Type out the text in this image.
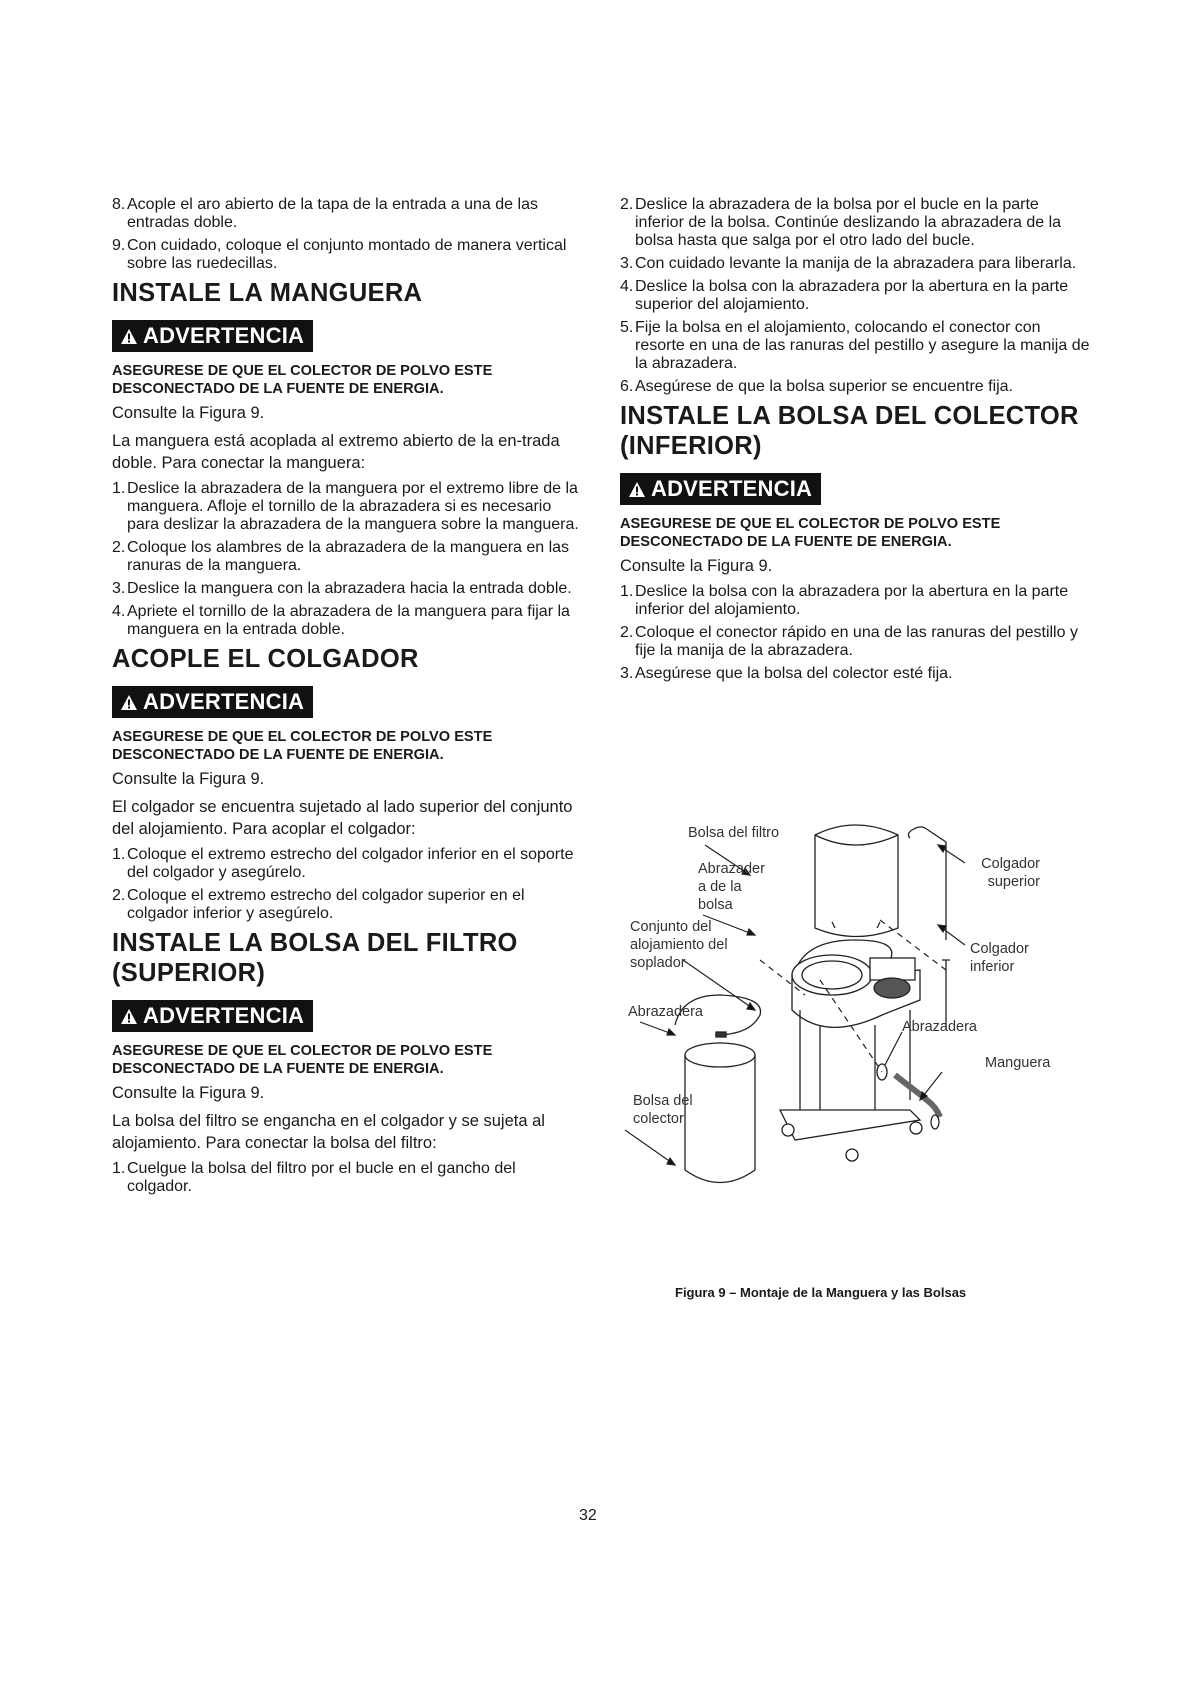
8. Acople el aro abierto de la tapa de la entrada a una de las entradas doble.
9. Con cuidado, coloque el conjunto montado de manera vertical sobre las ruedecillas.
INSTALE LA MANGUERA
ADVERTENCIA
ASEGURESE DE QUE EL COLECTOR DE POLVO ESTE DESCONECTADO DE LA FUENTE DE ENERGIA.

Consulte la Figura 9.

La manguera está acoplada al extremo abierto de la en-trada doble. Para conectar la manguera:

1. Deslice la abrazadera de la manguera por el extremo libre de la manguera. Afloje el tornillo de la abrazadera si es necesario para deslizar la abrazadera de la manguera sobre la manguera.
2. Coloque los alambres de la abrazadera de la manguera en las ranuras de la manguera.
3. Deslice la manguera con la abrazadera hacia la entrada doble.
4. Apriete el tornillo de la abrazadera de la manguera para fijar la manguera en la entrada doble.
ACOPLE EL COLGADOR
ADVERTENCIA
ASEGURESE DE QUE EL COLECTOR DE POLVO ESTE DESCONECTADO DE LA FUENTE DE ENERGIA.

Consulte la Figura 9.

El colgador se encuentra sujetado al lado superior del conjunto del alojamiento. Para acoplar el colgador:

1. Coloque el extremo estrecho del colgador inferior en el soporte del colgador y asegúrelo.
2. Coloque el extremo estrecho del colgador superior en el colgador inferior y asegúrelo.
INSTALE LA BOLSA DEL FILTRO (SUPERIOR)
ADVERTENCIA
ASEGURESE DE QUE EL COLECTOR DE POLVO ESTE DESCONECTADO DE LA FUENTE DE ENERGIA.

Consulte la Figura 9.

La bolsa del filtro se engancha en el colgador y se sujeta al alojamiento. Para conectar la bolsa del filtro:

1. Cuelgue la bolsa del filtro por el bucle en el gancho del colgador.
2. Deslice la abrazadera de la bolsa por el bucle en la parte inferior de la bolsa. Continúe deslizando la abrazadera de la bolsa hasta que salga por el otro lado del bucle.
3. Con cuidado levante la manija de la abrazadera para liberarla.
4. Deslice la bolsa con la abrazadera por la abertura en la parte superior del alojamiento.
5. Fije la bolsa en el alojamiento, colocando el conector con resorte en una de las ranuras del pestillo y asegure la manija de la abrazadera.
6. Asegúrese de que la bolsa superior se encuentre fija.
INSTALE LA BOLSA DEL COLECTOR (INFERIOR)
ADVERTENCIA
ASEGURESE DE QUE EL COLECTOR DE POLVO ESTE DESCONECTADO DE LA FUENTE DE ENERGIA.

Consulte la Figura 9.

1. Deslice la bolsa con la abrazadera por la abertura en la parte inferior del alojamiento.
2. Coloque el conector rápido en una de las ranuras del pestillo y fije la manija de la abrazadera.
3. Asegúrese que la bolsa del colector esté fija.
Bolsa del filtro
Abrazader a de la bolsa
Colgador superior
Conjunto del alojamiento del soplador
Colgador inferior
Abrazadera
Abrazadera
Manguera
Bolsa del colector
Figura 9 – Montaje de la Manguera y las Bolsas
32
